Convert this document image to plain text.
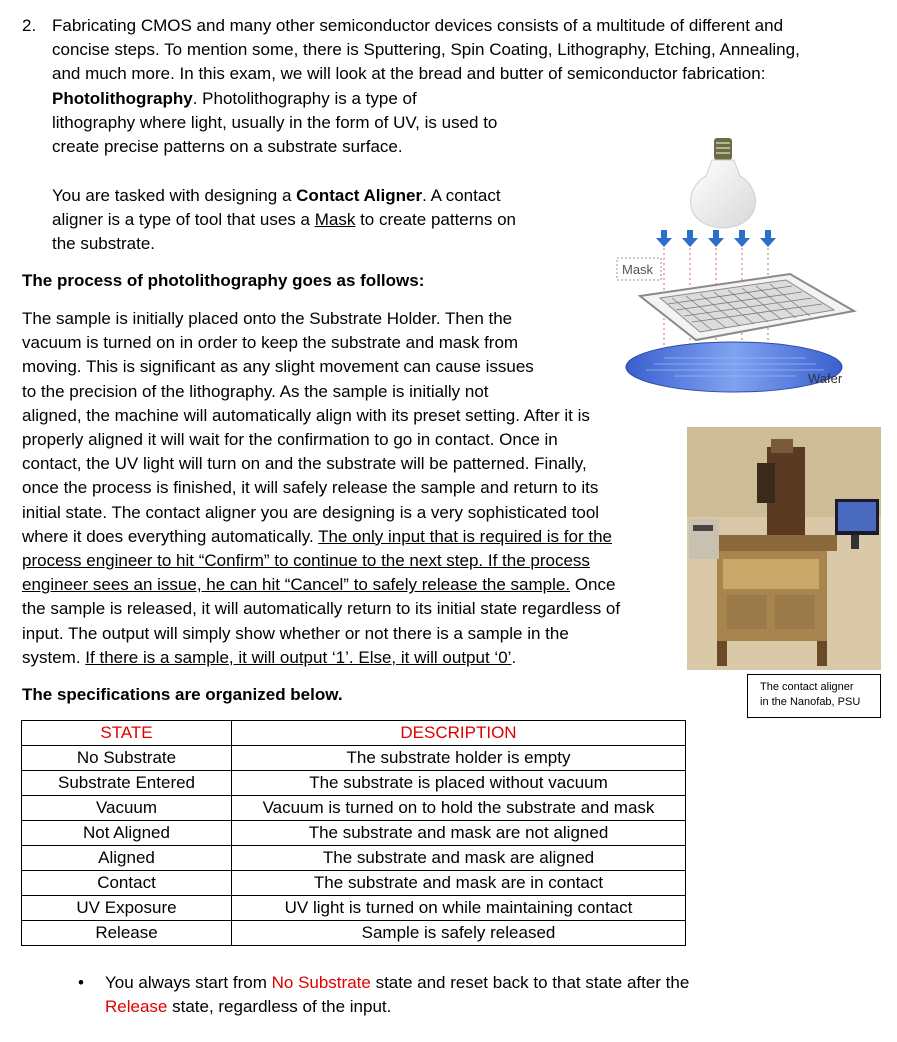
2. Fabricating CMOS and many other semiconductor devices consists of a multitude of different and concise steps. To mention some, there is Sputtering, Spin Coating, Lithography, Etching, Annealing, and much more. In this exam, we will look at the bread and butter of semiconductor fabrication: Photolithography. Photolithography is a type of
lithography where light, usually in the form of UV, is used to
create precise patterns on a substrate surface.
You are tasked with designing a Contact Aligner. A contact
aligner is a type of tool that uses a Mask to create patterns on
the substrate.
The process of photolithography goes as follows:
The sample is initially placed onto the Substrate Holder. Then the
vacuum is turned on in order to keep the substrate and mask from
moving. This is significant as any slight movement can cause issues
to the precision of the lithography. As the sample is initially not
aligned, the machine will automatically align with its preset setting. After it is
properly aligned it will wait for the confirmation to go in contact. Once in
contact, the UV light will turn on and the substrate will be patterned. Finally,
once the process is finished, it will safely release the sample and return to its
initial state. The contact aligner you are designing is a very sophisticated tool
where it does everything automatically. The only input that is required is for the
process engineer to hit “Confirm” to continue to the next step. If the process
engineer sees an issue, he can hit “Cancel” to safely release the sample. Once
the sample is released, it will automatically return to its initial state regardless of
input. The output will simply show whether or not there is a sample in the
system. If there is a sample, it will output ‘1’. Else, it will output ‘0’.
The specifications are organized below.
STATE	DESCRIPTION
No Substrate	The substrate holder is empty
Substrate Entered	The substrate is placed without vacuum
Vacuum	Vacuum is turned on to hold the substrate and mask
Not Aligned	The substrate and mask are not aligned
Aligned	The substrate and mask are aligned
Contact	The substrate and mask are in contact
UV Exposure	UV light is turned on while maintaining contact
Release	Sample is safely released
• You always start from No Substrate state and reset back to that state after the
Release state, regardless of the input.
Mask
Wafer
The contact aligner
in the Nanofab, PSU
